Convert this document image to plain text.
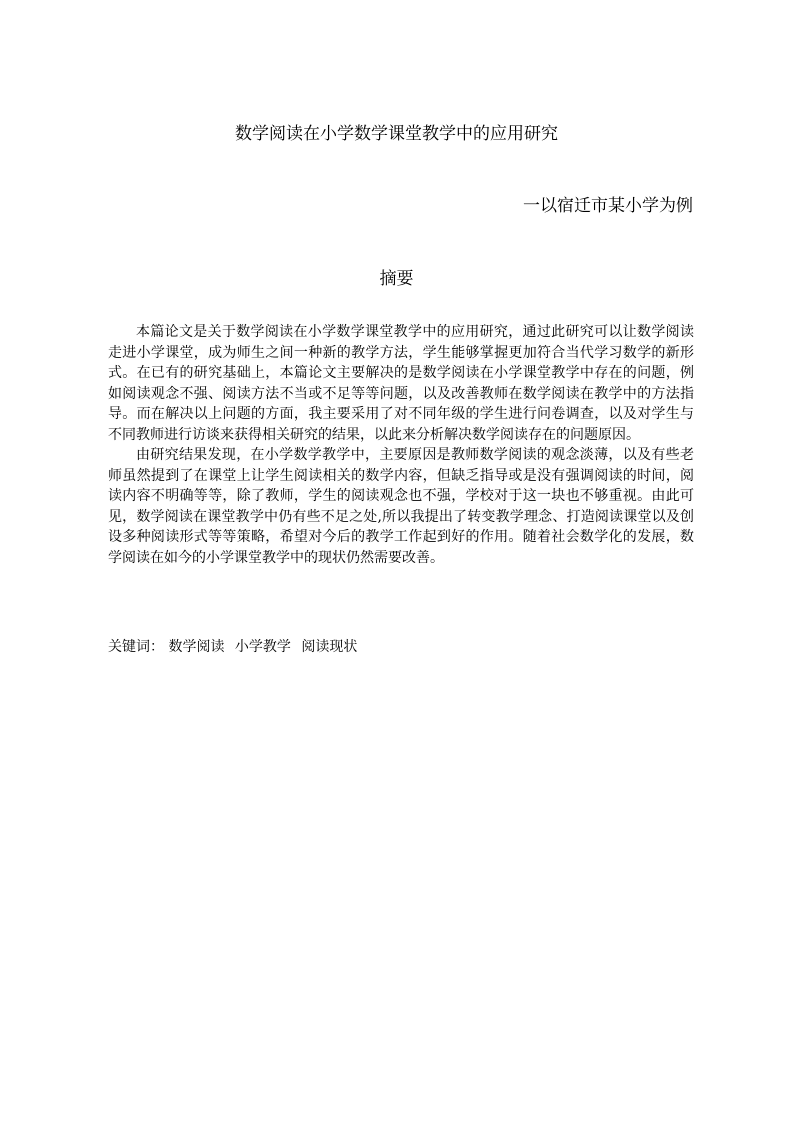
数学阅读在小学数学课堂教学中的应用研究
一以宿迁市某小学为例
摘要

本篇论文是关于数学阅读在小学数学课堂教学中的应用研究，通过此研究可以让数学阅读走进小学课堂，成为师生之间一种新的教学方法，学生能够掌握更加符合当代学习数学的新形式。在已有的研究基础上，本篇论文主要解决的是数学阅读在小学课堂教学中存在的问题，例如阅读观念不强、阅读方法不当或不足等等问题，以及改善教师在数学阅读在教学中的方法指导。而在解决以上问题的方面，我主要采用了对不同年级的学生进行问卷调查，以及对学生与不同教师进行访谈来获得相关研究的结果，以此来分析解决数学阅读存在的问题原因。

由研究结果发现，在小学数学教学中，主要原因是教师数学阅读的观念淡薄，以及有些老师虽然提到了在课堂上让学生阅读相关的数学内容，但缺乏指导或是没有强调阅读的时间，阅读内容不明确等等，除了教师，学生的阅读观念也不强，学校对于这一块也不够重视。由此可见，数学阅读在课堂教学中仍有些不足之处,所以我提出了转变教学理念、打造阅读课堂以及创设多种阅读形式等等策略，希望对今后的教学工作起到好的作用。随着社会数学化的发展，数学阅读在如今的小学课堂教学中的现状仍然需要改善。

关键词： 数学阅读 小学教学 阅读现状
